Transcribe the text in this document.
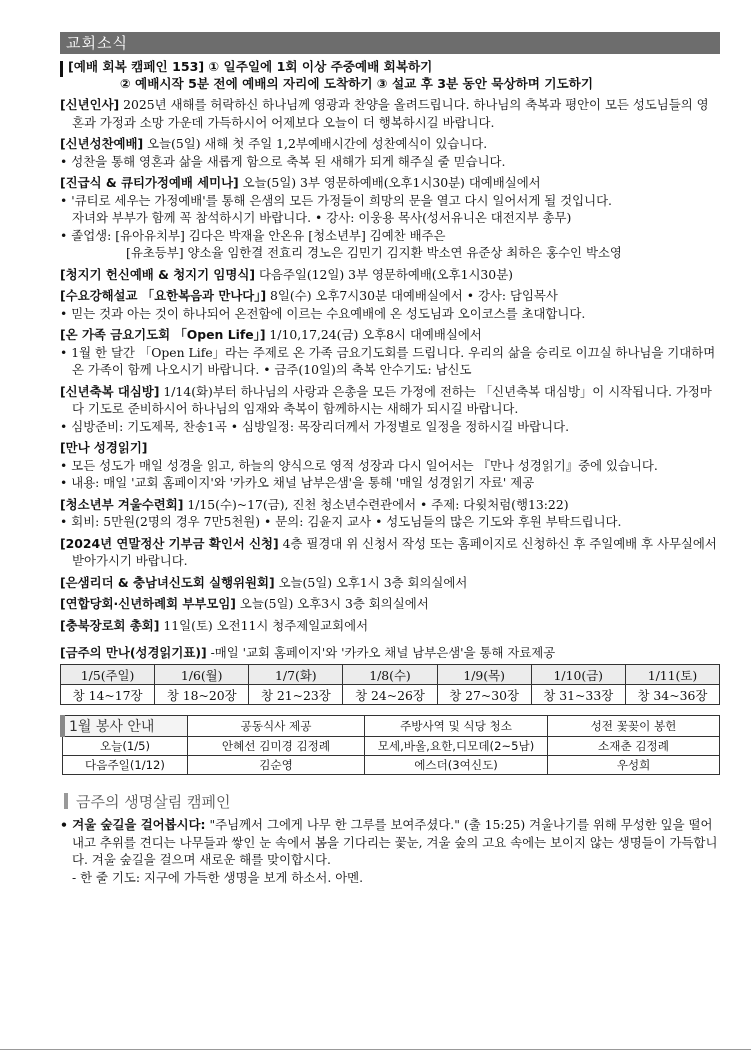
교회소식
[예배 회복 캠페인 153] ① 일주일에 1회 이상 주중예배 회복하기
② 예배시작 5분 전에 예배의 자리에 도착하기 ③ 설교 후 3분 동안 묵상하며 기도하기
[신년인사] 2025년 새해를 허락하신 하나님께 영광과 찬양을 올려드립니다. 하나님의 축복과 평안이 모든 성도님들의 영혼과 가정과 소망 가운데 가득하시어 어제보다 오늘이 더 행복하시길 바랍니다.
[신년성찬예배] 오늘(5일) 새해 첫 주일 1,2부예배시간에 성찬예식이 있습니다.
• 성찬을 통해 영혼과 삶을 새롭게 함으로 축복 된 새해가 되게 해주실 줄 믿습니다.
[진급식 & 큐티가정예배 세미나] 오늘(5일) 3부 영문하예배(오후1시30분) 대예배실에서
• '큐티로 세우는 가정예배'를 통해 은샘의 모든 가정들이 희망의 문을 열고 다시 일어서게 될 것입니다.
자녀와 부부가 함께 꼭 참석하시기 바랍니다. • 강사: 이웅용 목사(성서유니온 대전지부 총무)
• 졸업생: [유아유치부] 김다은 박재율 안온유 [청소년부] 김예찬 배주은
[유초등부] 양소율 임한결 전효리 경노은 김민기 김지환 박소연 유준상 최하은 홍수인 박소영
[청지기 헌신예배 & 청지기 임명식] 다음주일(12일) 3부 영문하예배(오후1시30분)
[수요강해설교 「요한복음과 만나다」] 8일(수) 오후7시30분 대예배실에서 • 강사: 담임목사
• 믿는 것과 아는 것이 하나되어 온전함에 이르는 수요예배에 온 성도님과 오이코스를 초대합니다.
[온 가족 금요기도회 「Open Life」] 1/10,17,24(금) 오후8시 대예배실에서
• 1월 한 달간 「Open Life」라는 주제로 온 가족 금요기도회를 드립니다. 우리의 삶을 승리로 이끄실 하나님을 기대하며 온 가족이 함께 나오시기 바랍니다. • 금주(10일)의 축복 안수기도: 남신도
[신년축복 대심방] 1/14(화)부터 하나님의 사랑과 은총을 모든 가정에 전하는 「신년축복 대심방」이 시작됩니다. 가정마다 기도로 준비하시어 하나님의 임재와 축복이 함께하시는 새해가 되시길 바랍니다.
• 심방준비: 기도제목, 찬송1곡 • 심방일정: 목장리더께서 가정별로 일정을 정하시길 바랍니다.
[만나 성경읽기]
• 모든 성도가 매일 성경을 읽고, 하늘의 양식으로 영적 성장과 다시 일어서는 『만나 성경읽기』중에 있습니다.
• 내용: 매일 '교회 홈페이지'와 '카카오 채널 남부은샘'을 통해 '매일 성경읽기 자료' 제공
[청소년부 겨울수련회] 1/15(수)~17(금), 진천 청소년수련관에서 • 주제: 다윗처럼(행13:22)
• 회비: 5만원(2명의 경우 7만5천원) • 문의: 김윤지 교사 • 성도님들의 많은 기도와 후원 부탁드립니다.
[2024년 연말정산 기부금 확인서 신청] 4층 필경대 위 신청서 작성 또는 홈페이지로 신청하신 후 주일예배 후 사무실에서 받아가시기 바랍니다.
[은샘리더 & 충남녀신도회 실행위원회] 오늘(5일) 오후1시 3층 회의실에서
[연합당회·신년하례회 부부모임] 오늘(5일) 오후3시 3층 회의실에서
[충북장로회 총회] 11일(토) 오전11시 청주제일교회에서
[금주의 만나(성경읽기표)] -매일 '교회 홈페이지'와 '카카오 채널 남부은샘'을 통해 자료제공
1/5(주일)	1/6(월)	1/7(화)	1/8(수)	1/9(목)	1/10(금)	1/11(토)
창 14~17장	창 18~20장	창 21~23장	창 24~26장	창 27~30장	창 31~33장	창 34~36장
1월 봉사 안내	공동식사 제공	주방사역 및 식당 청소	성전 꽃꽂이 봉헌
오늘(1/5)	안혜선 김미경 김정례	모세,바울,요한,디모데(2~5남)	소재춘 김정례
다음주일(1/12)	김순영	에스더(3여신도)	우성희
금주의 생명살림 캠페인
• 겨울 숲길을 걸어봅시다: "주님께서 그에게 나무 한 그루를 보여주셨다." (출 15:25) 겨울나기를 위해 무성한 잎을 떨어내고 추위를 견디는 나무들과 쌓인 눈 속에서 봄을 기다리는 꽃눈, 겨울 숲의 고요 속에는 보이지 않는 생명들이 가득합니다. 겨울 숲길을 걸으며 새로운 해를 맞이합시다.
- 한 줄 기도: 지구에 가득한 생명을 보게 하소서. 아멘.
